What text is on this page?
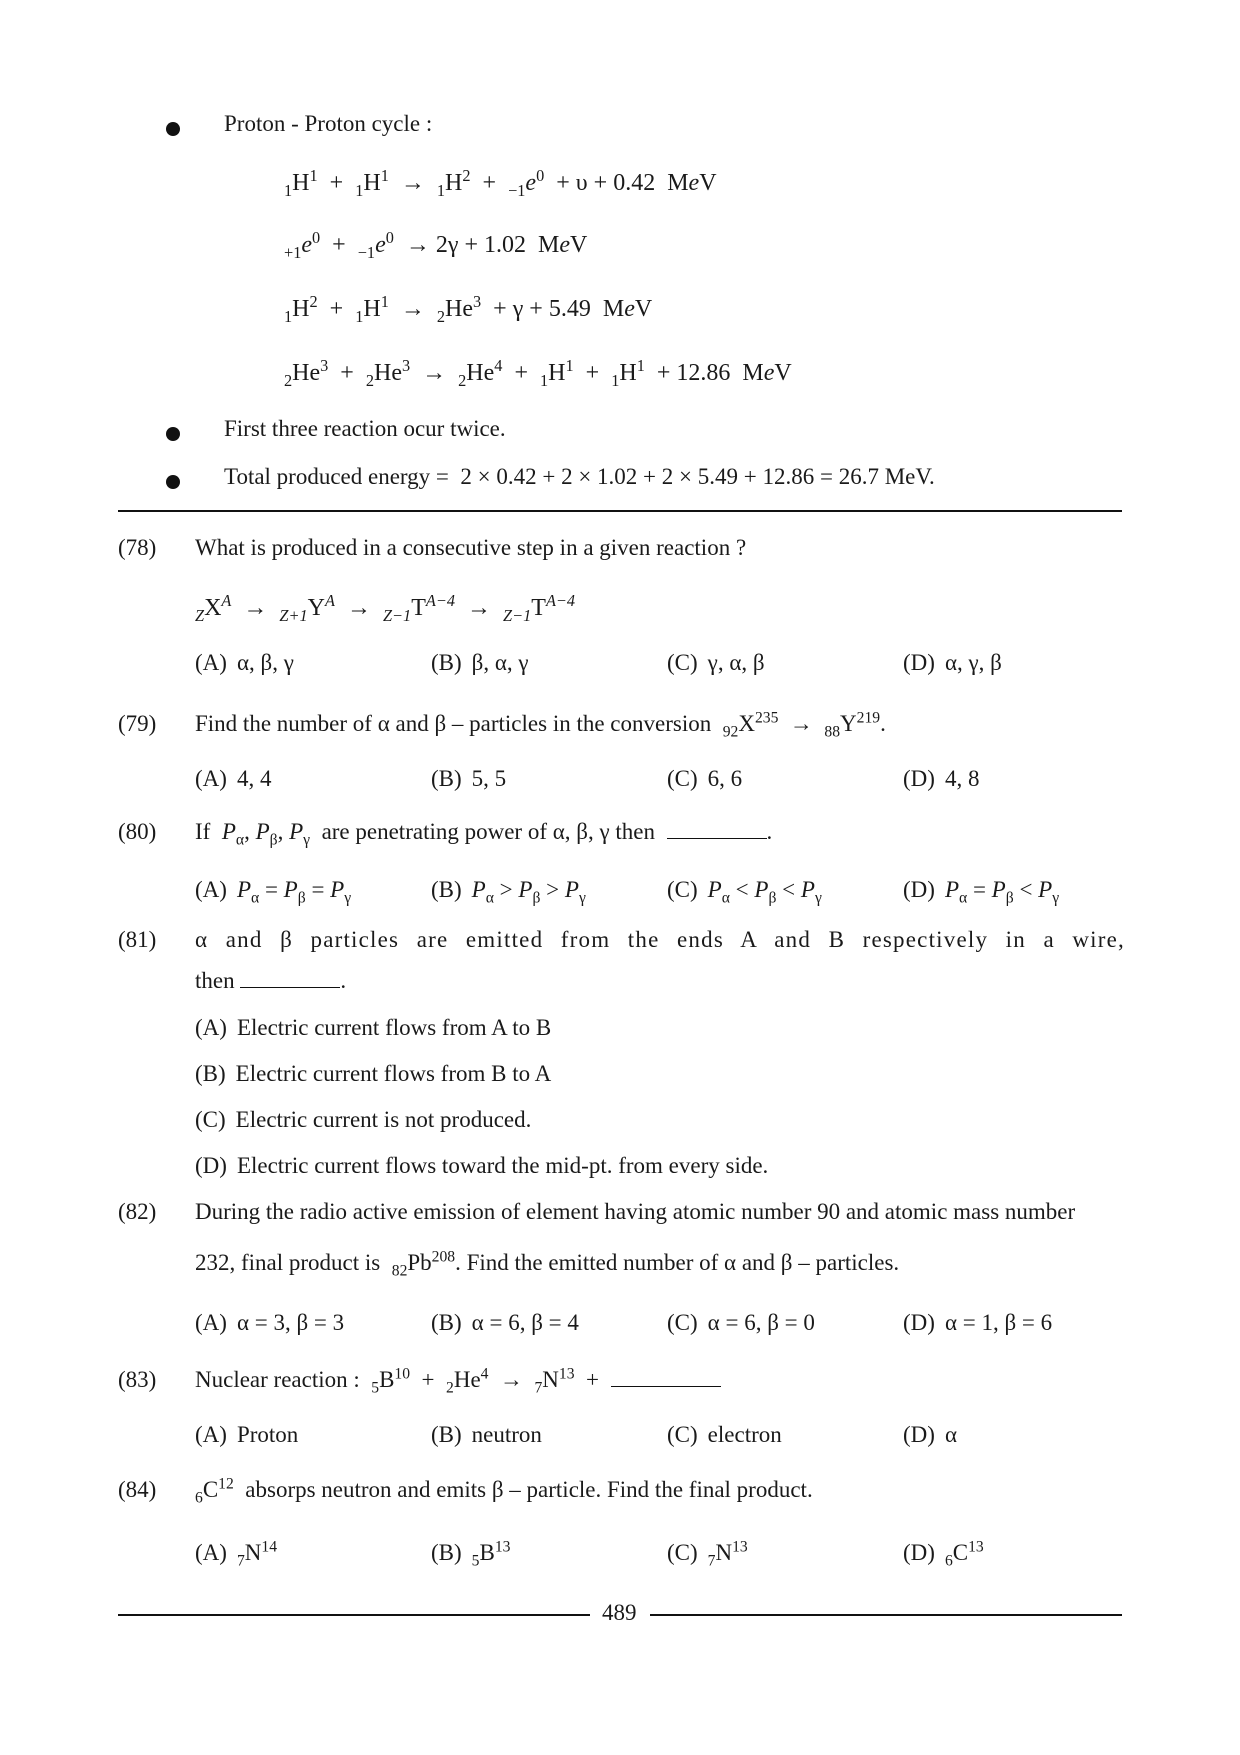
Proton - Proton cycle :
$_1H^1 + _1H^1 \to _1H^2 + _{-1}e^0 + \upsilon + 0.42$  MeV
$_{+1}e^0 + _{-1}e^0 \to 2\gamma + 1.02$  MeV
$_1H^2 + _1H^1 \to _2He^3 + \gamma + 5.49$  MeV
$_2He^3 + _2He^3 \to _2He^4 + _1H^1 + _1H^1 + 12.86$  MeV
First three reaction ocur twice.
Total produced energy = 2 × 0.42 + 2 × 1.02 + 2 × 5.49 + 12.86 = 26.7 MeV.
(78) What is produced in a consecutive step in a given reaction ?
$_ZX^A \to _{Z+1}Y^A \to _{Z-1}T^{A-4} \to _{Z-1}T^{A-4}$
(A) α, β, γ	(B) β, α, γ	(C) γ, α, β	(D) α, γ, β
(79) Find the number of α and β – particles in the conversion $_{92}X^{235} \to _{88}Y^{219}$.
(A) 4, 4	(B) 5, 5	(C) 6, 6	(D) 4, 8
(80) If $P_\alpha$, $P_\beta$, $P_\gamma$ are penetrating power of α, β, γ then	.
(A) $P_\alpha = P_\beta = P_\gamma$	(B) $P_\alpha > P_\beta > P_\gamma$	(C) $P_\alpha < P_\beta < P_\gamma$	(D) $P_\alpha = P_\beta < P_\gamma$
(81) α and β particles are emitted from the ends A and B respectively in a wire,
then	.
(A) Electric current flows from A to B
(B) Electric current flows from B to A
(C) Electric current is not produced.
(D) Electric current flows toward the mid-pt. from every side.
(82) During the radio active emission of element having atomic number 90 and atomic mass number
232, final product is $_{82}Pb^{208}$. Find the emitted number of α and β – particles.
(A) α = 3, β = 3	(B) α = 6, β = 4	(C) α = 6, β = 0	(D) α = 1, β = 6
(83) Nuclear reaction : $_5B^{10} + _2He^4 \to _7N^{13}$  +
(A) Proton	(B) neutron	(C) electron	(D) α
(84) $_6C^{12}$ absorps neutron and emits β – particle. Find the final product.
(A) $_7N^{14}$	(B) $_5B^{13}$	(C) $_7N^{13}$	(D) $_6C^{13}$
489
